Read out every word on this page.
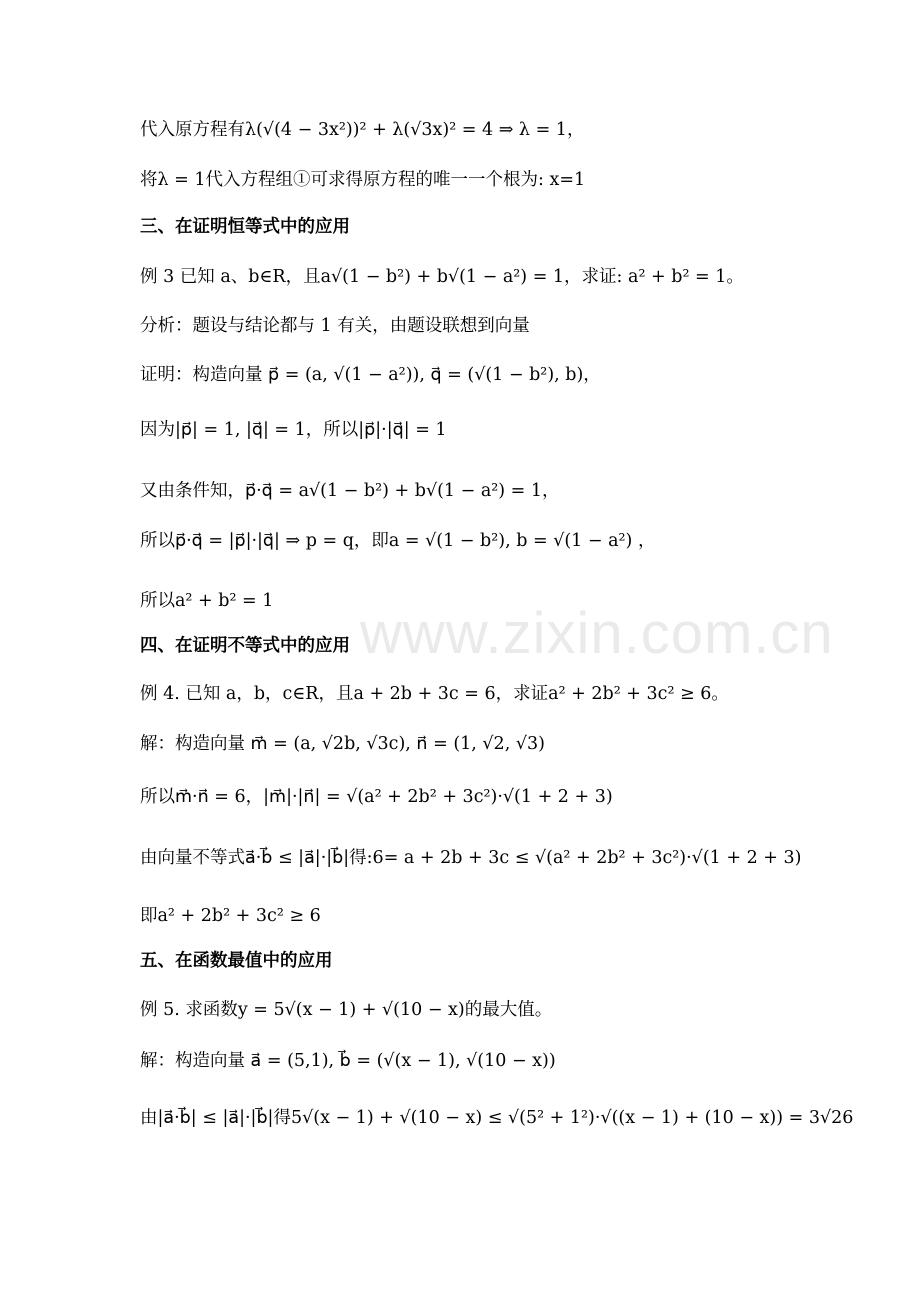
www.zixin.com.cn
代入原方程有λ(√(4 − 3x²))² + λ(√3x)² = 4 ⇒ λ = 1，
将λ = 1代入方程组①可求得原方程的唯一一个根为: x=1
三、在证明恒等式中的应用
例 3 已知 a、b∈R，且a√(1 − b²) + b√(1 − a²) = 1，求证: a² + b² = 1。
分析：题设与结论都与 1 有关，由题设联想到向量
证明：构造向量 p⃗ = (a, √(1 − a²)), q⃗ = (√(1 − b²), b)，
因为|p⃗| = 1, |q⃗| = 1，所以|p⃗|·|q⃗| = 1
又由条件知，p⃗·q⃗ = a√(1 − b²) + b√(1 − a²) = 1，
所以p⃗·q⃗ = |p⃗|·|q⃗| ⇒ p = q，即a = √(1 − b²), b = √(1 − a²) ，
所以a² + b² = 1
四、在证明不等式中的应用
例 4. 已知 a，b，c∈R，且a + 2b + 3c = 6，求证a² + 2b² + 3c² ≥ 6。
解：构造向量 m⃗ = (a, √2b, √3c), n⃗ = (1, √2, √3)
所以m⃗·n⃗ = 6，|m⃗|·|n⃗| = √(a² + 2b² + 3c²)·√(1 + 2 + 3)
由向量不等式a⃗·b⃗ ≤ |a⃗|·|b⃗|得:6= a + 2b + 3c ≤ √(a² + 2b² + 3c²)·√(1 + 2 + 3)
即a² + 2b² + 3c² ≥ 6
五、在函数最值中的应用
例 5. 求函数y = 5√(x − 1) + √(10 − x)的最大值。
解：构造向量 a⃗ = (5,1), b⃗ = (√(x − 1), √(10 − x))
由|a⃗·b⃗| ≤ |a⃗|·|b⃗|得5√(x − 1) + √(10 − x) ≤ √(5² + 1²)·√((x − 1) + (10 − x)) = 3√26
